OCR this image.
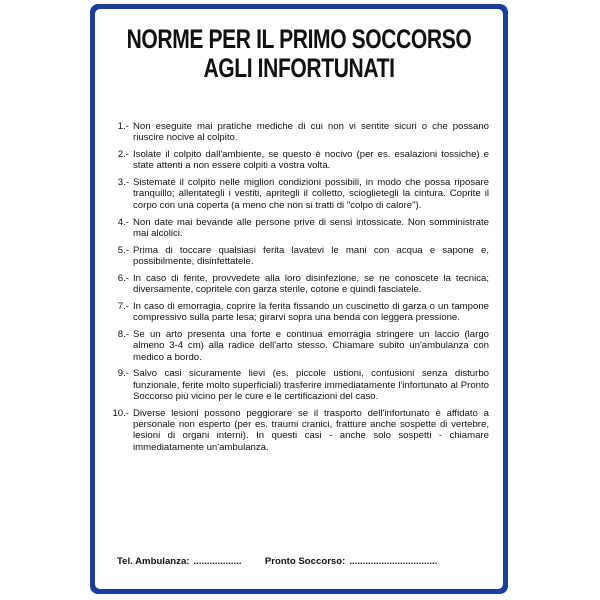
NORME PER IL PRIMO SOCCORSO
AGLI INFORTUNATI
1.- Non eseguite mai pratiche mediche di cui non vi sentite sicuri o che possano riuscire nocive al colpito.
2.- Isolate il colpito dall'ambiente, se questo è nocivo (per es. esalazioni tossiche) e state attenti a non essere colpiti a vostra volta.
3.- Sistemate il colpito nelle migliori condizioni possibili, in modo che possa riposare tranquillo; allentategli i vestiti, apritegli il colletto, scioglietegli la cintura. Coprite il corpo con una coperta (a meno che non si tratti di "colpo di calore").
4.- Non date mai bevande alle persone prive di sensi intossicate. Non somministrate mai alcolici.
5.- Prima di toccare qualsiasi ferita lavatevi le mani con acqua e sapone e, possibilmente, disinfettatele.
6.- In caso di ferite, provvedete alla loro disinfezione, se ne conoscete la tecnica; diversamente, copritele con garza sterile, cotone e quindi fasciatele.
7.- In caso di emorragia, coprire la ferita fissando un cuscinetto di garza o un tampone compressivo sulla parte lesa; girarvi sopra una benda con leggera pressione.
8.- Se un arto presenta una forte e continua emorragia stringere un laccio (largo almeno 3-4 cm) alla radice dell'arto stesso. Chiamare subito un'ambulanza con medico a bordo.
9.- Salvo casi sicuramente lievi (es. piccole ustioni, contusioni senza disturbo funzionale, ferite molto superficiali) trasferire immediatamente l'infortunato al Pronto Soccorso più vicino per le cure e le certificazioni del caso.
10.- Diverse lesioni possono peggiorare se il trasporto dell'infortunato è affidato a personale non esperto (per es. traumi cranici, fratture anche sospette di vertebre, lesioni di organi interni). In questi casi - anche solo sospetti - chiamare immediatamente un'ambulanza.
Tel. Ambulanza: .................. Pronto Soccorso: .................................
